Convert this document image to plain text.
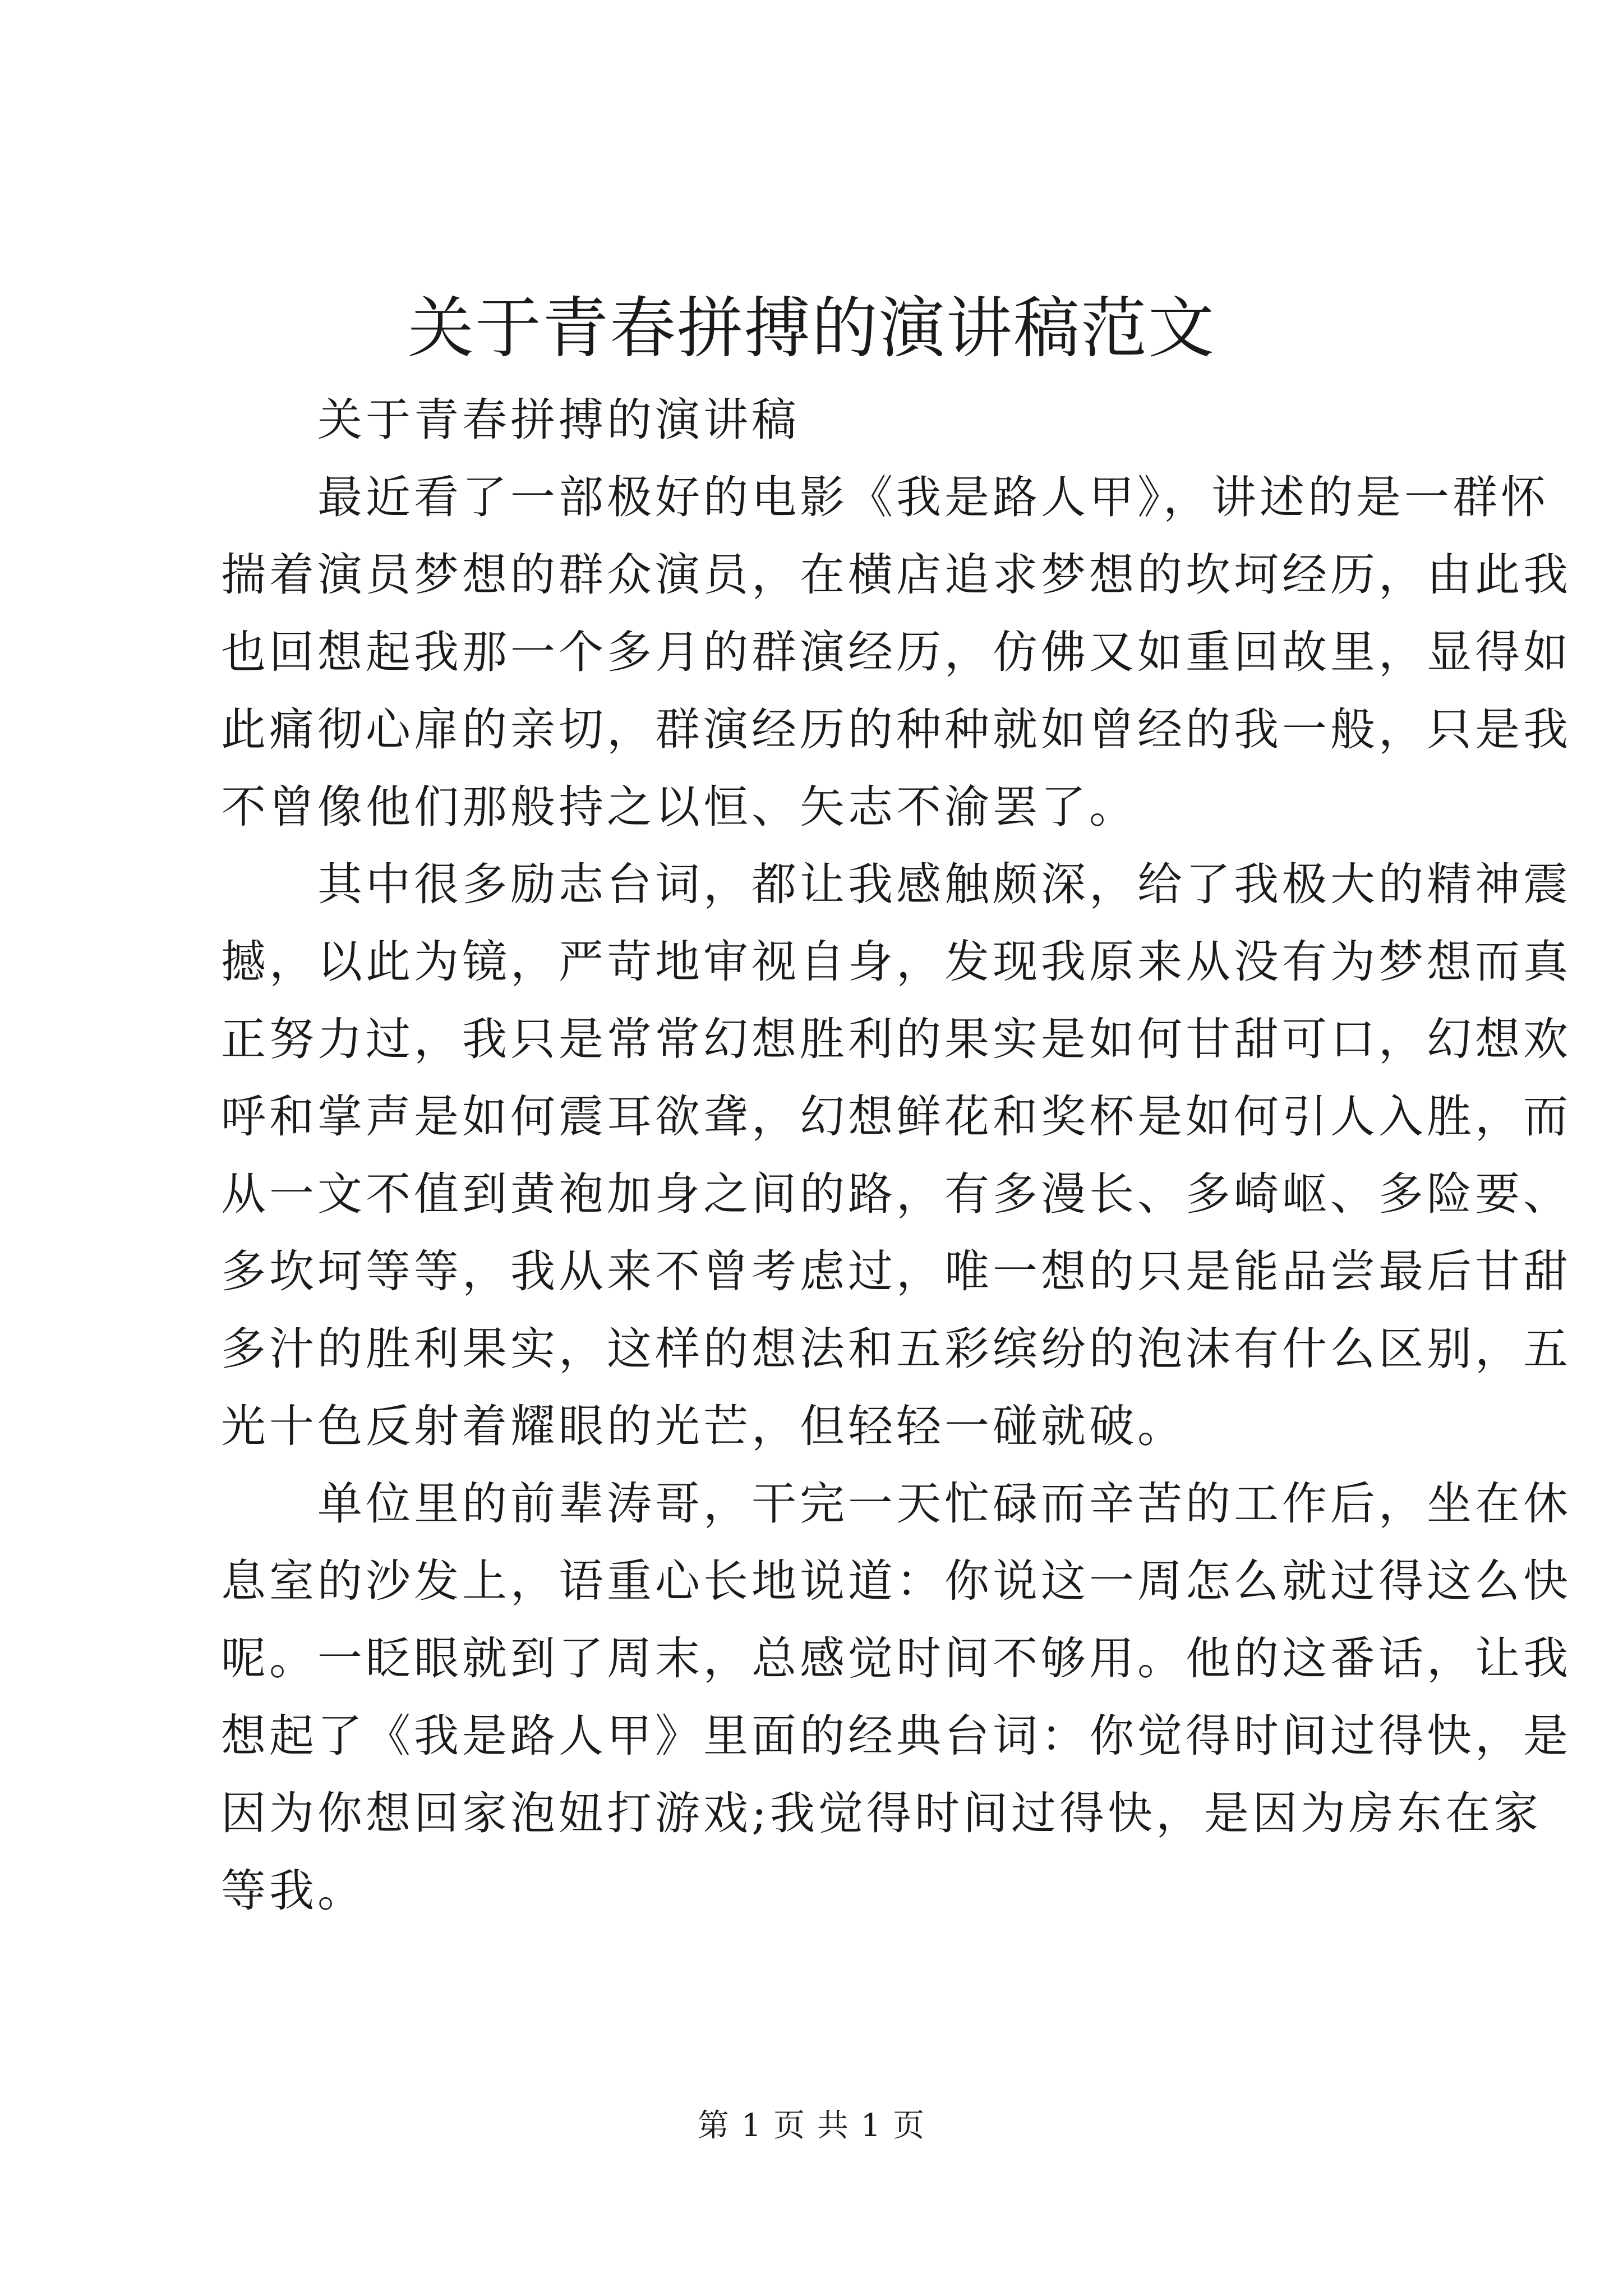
关于青春拼搏的演讲稿范文
关于青春拼搏的演讲稿
最近看了一部极好的电影《我是路人甲》，讲述的是一群怀
揣着演员梦想的群众演员，在横店追求梦想的坎坷经历，由此我
也回想起我那一个多月的群演经历，仿佛又如重回故里，显得如
此痛彻心扉的亲切，群演经历的种种就如曾经的我一般，只是我
不曾像他们那般持之以恒、矢志不渝罢了。
其中很多励志台词，都让我感触颇深，给了我极大的精神震
撼，以此为镜，严苛地审视自身，发现我原来从没有为梦想而真
正努力过，我只是常常幻想胜利的果实是如何甘甜可口，幻想欢
呼和掌声是如何震耳欲聋，幻想鲜花和奖杯是如何引人入胜，而
从一文不值到黄袍加身之间的路，有多漫长、多崎岖、多险要、
多坎坷等等，我从来不曾考虑过，唯一想的只是能品尝最后甘甜
多汁的胜利果实，这样的想法和五彩缤纷的泡沫有什么区别，五
光十色反射着耀眼的光芒，但轻轻一碰就破。
单位里的前辈涛哥，干完一天忙碌而辛苦的工作后，坐在休
息室的沙发上，语重心长地说道：你说这一周怎么就过得这么快
呢。一眨眼就到了周末，总感觉时间不够用。他的这番话，让我
想起了《我是路人甲》里面的经典台词：你觉得时间过得快，是
因为你想回家泡妞打游戏;我觉得时间过得快，是因为房东在家
等我。
第 1 页 共 1 页
